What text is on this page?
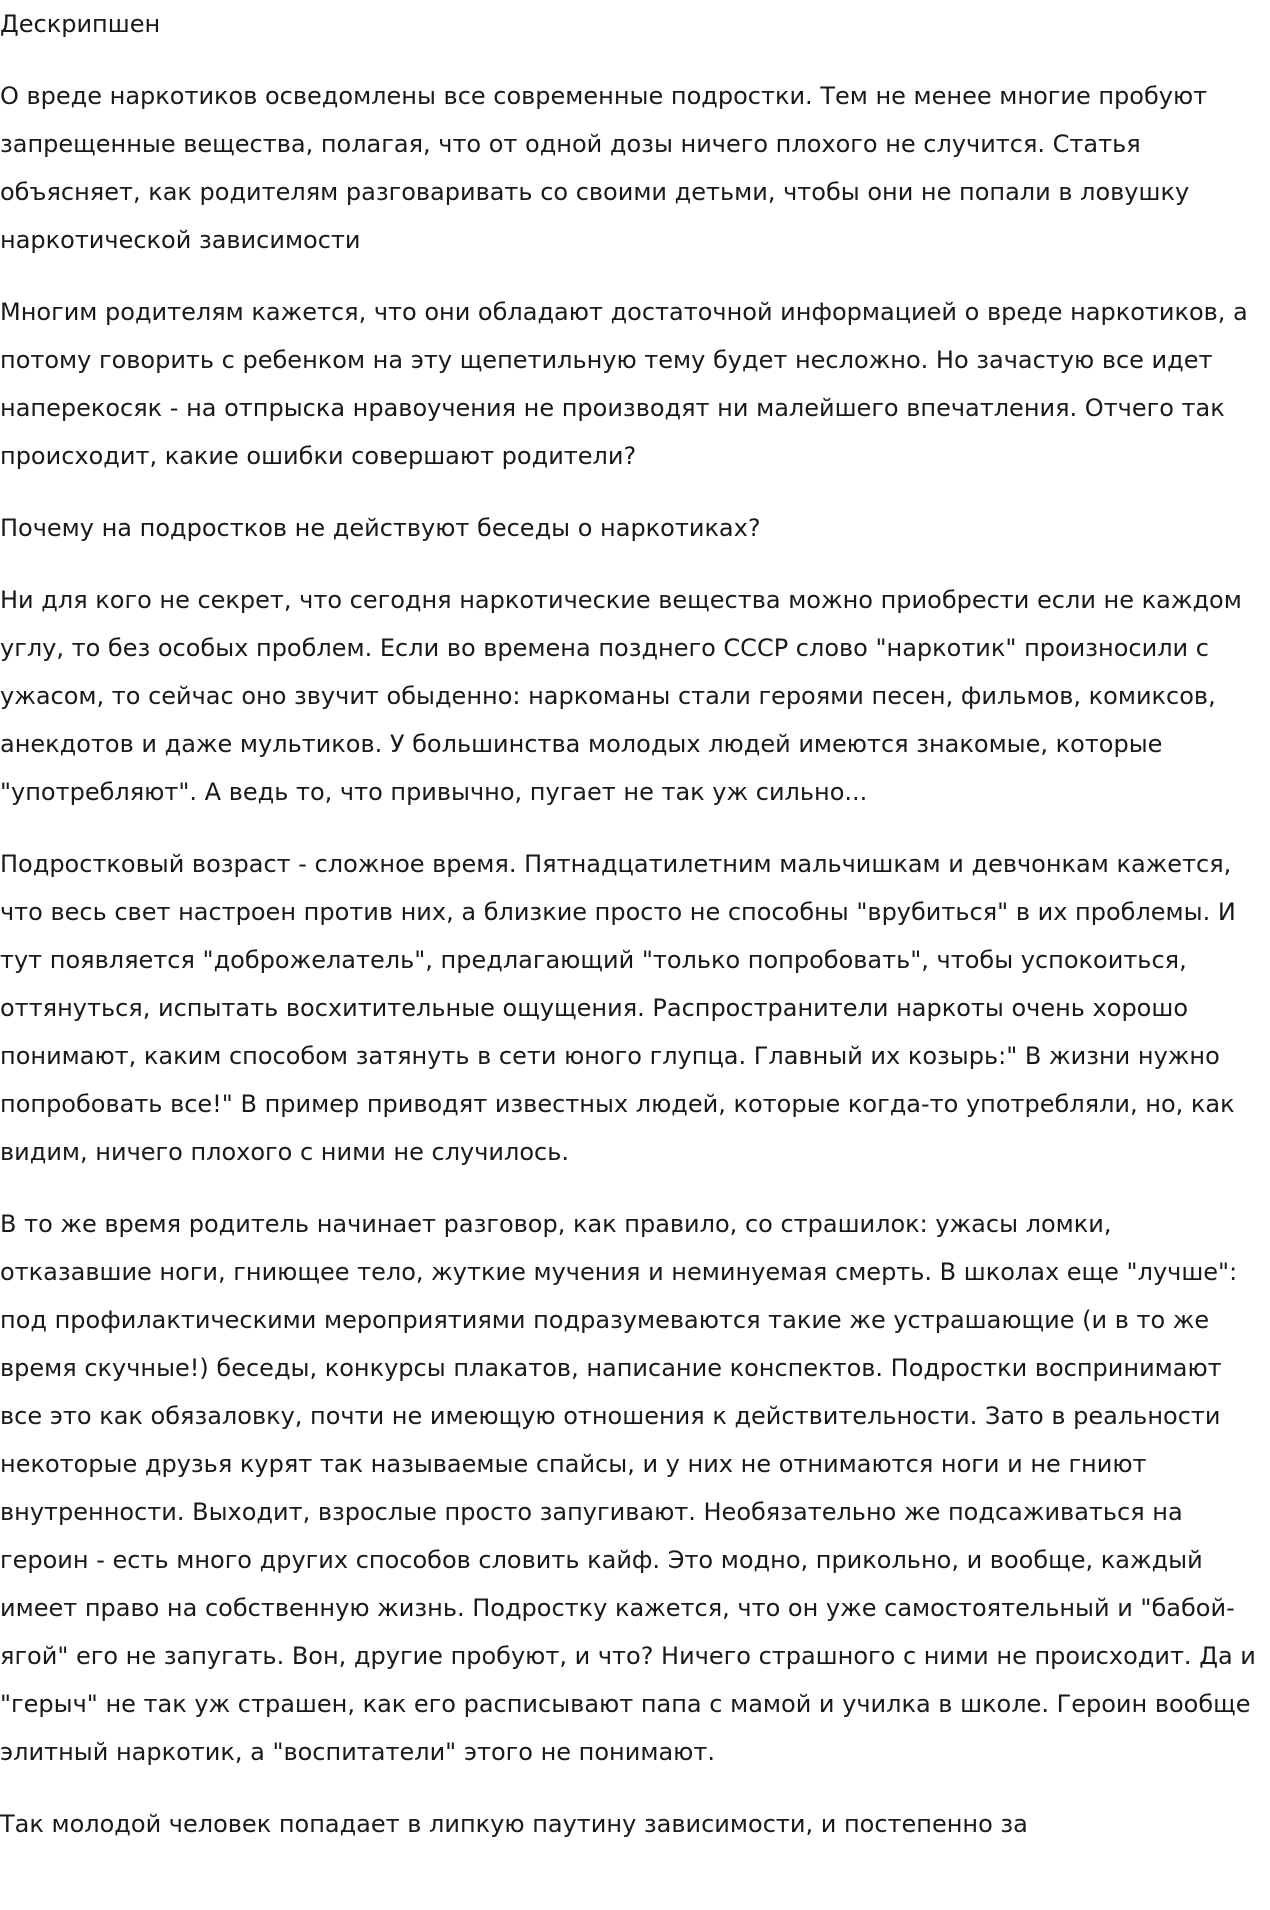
Дескрипшен

О вреде наркотиков осведомлены все современные подростки. Тем не менее многие пробуют запрещенные вещества, полагая, что от одной дозы ничего плохого не случится. Статья объясняет, как родителям разговаривать со своими детьми, чтобы они не попали в ловушку наркотической зависимости

Многим родителям кажется, что они обладают достаточной информацией о вреде наркотиков, а потому говорить с ребенком на эту щепетильную тему будет несложно. Но зачастую все идет наперекосяк - на отпрыска нравоучения не производят ни малейшего впечатления. Отчего так происходит, какие ошибки совершают родители?

Почему на подростков не действуют беседы о наркотиках?

Ни для кого не секрет, что сегодня наркотические вещества можно приобрести если не каждом углу, то без особых проблем. Если во времена позднего СССР слово "наркотик" произносили с ужасом, то сейчас оно звучит обыденно: наркоманы стали героями песен, фильмов, комиксов, анекдотов и даже мультиков. У большинства молодых людей имеются знакомые, которые "употребляют". А ведь то, что привычно, пугает не так уж сильно...

Подростковый возраст - сложное время. Пятнадцатилетним мальчишкам и девчонкам кажется, что весь свет настроен против них, а близкие просто не способны "врубиться" в их проблемы. И тут появляется "доброжелатель", предлагающий "только попробовать", чтобы успокоиться, оттянуться, испытать восхитительные ощущения. Распространители наркоты очень хорошо понимают, каким способом затянуть в сети юного глупца. Главный их козырь:" В жизни нужно попробовать все!" В пример приводят известных людей, которые когда-то употребляли, но, как видим, ничего плохого с ними не случилось.

В то же время родитель начинает разговор, как правило, со страшилок: ужасы ломки, отказавшие ноги, гниющее тело, жуткие мучения и неминуемая смерть. В школах еще "лучше": под профилактическими мероприятиями подразумеваются такие же устрашающие (и в то же время скучные!) беседы, конкурсы плакатов, написание конспектов. Подростки воспринимают все это как обязаловку, почти не имеющую отношения к действительности. Зато в реальности некоторые друзья курят так называемые спайсы, и у них не отнимаются ноги и не гниют внутренности. Выходит, взрослые просто запугивают. Необязательно же подсаживаться на героин - есть много других способов словить кайф. Это модно, прикольно, и вообще, каждый имеет право на собственную жизнь. Подростку кажется, что он уже самостоятельный и "бабой-ягой" его не запугать. Вон, другие пробуют, и что? Ничего страшного с ними не происходит. Да и "герыч" не так уж страшен, как его расписывают папа с мамой и училка в школе. Героин вообще элитный наркотик, а "воспитатели" этого не понимают.

Так молодой человек попадает в липкую паутину зависимости, и постепенно за
